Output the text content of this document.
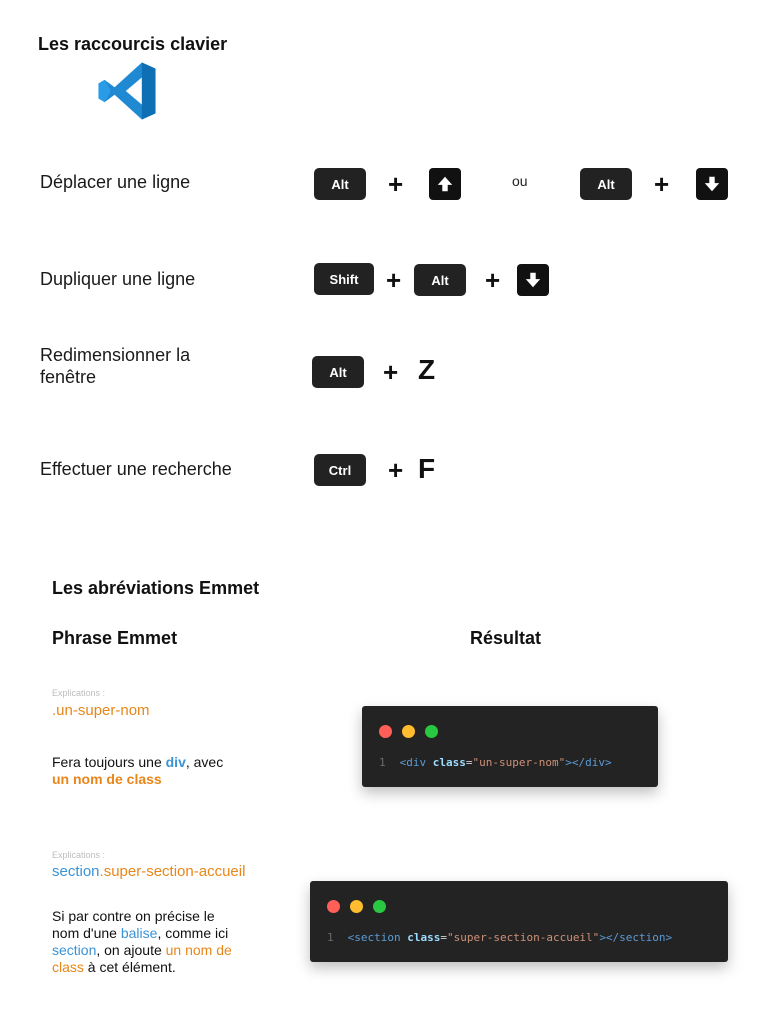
Les raccourcis clavier
Déplacer une ligne	Alt	+	ou	Alt	+
Dupliquer une ligne	Shift	+	Alt	+
Redimensionner la
fenêtre	Alt	+ Z
Effectuer une recherche	Ctrl	+ F
Les abréviations Emmet
Phrase Emmet	Résultat
Explications :
.un-super-nom
Fera toujours une div, avec
un nom de class
1 <div class="un-super-nom"></div>
Explications :
section.super-section-accueil
Si par contre on précise le
nom d'une balise, comme ici
section, on ajoute un nom de
class à cet élément.
1 <section class="super-section-accueil"></section>
